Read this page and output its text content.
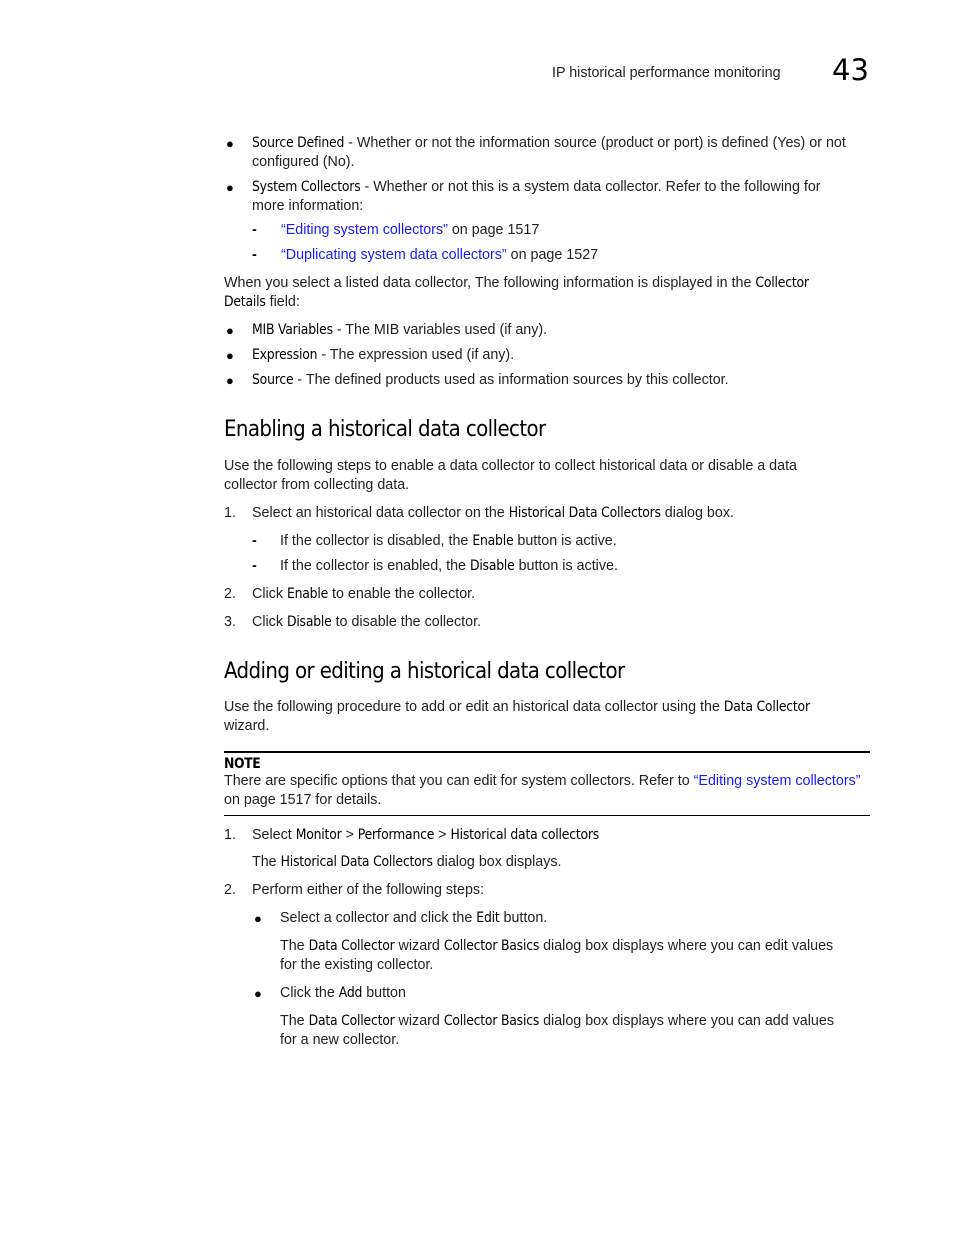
IP historical performance monitoring 43
● Source Defined - Whether or not the information source (product or port) is defined (Yes) or not
configured (No).
● System Collectors - Whether or not this is a system data collector. Refer to the following for
more information:
- “Editing system collectors” on page 1517
- “Duplicating system data collectors” on page 1527
When you select a listed data collector, The following information is displayed in the Collector
Details field:
● MIB Variables - The MIB variables used (if any).
● Expression - The expression used (if any).
● Source - The defined products used as information sources by this collector.
Enabling a historical data collector
Use the following steps to enable a data collector to collect historical data or disable a data
collector from collecting data.
1. Select an historical data collector on the Historical Data Collectors dialog box.
- If the collector is disabled, the Enable button is active.
- If the collector is enabled, the Disable button is active.
2. Click Enable to enable the collector.
3. Click Disable to disable the collector.
Adding or editing a historical data collector
Use the following procedure to add or edit an historical data collector using the Data Collector
wizard.
NOTE
There are specific options that you can edit for system collectors. Refer to “Editing system collectors”
on page 1517 for details.
1. Select Monitor > Performance > Historical data collectors
The Historical Data Collectors dialog box displays.
2. Perform either of the following steps:
● Select a collector and click the Edit button.
The Data Collector wizard Collector Basics dialog box displays where you can edit values
for the existing collector.
● Click the Add button
The Data Collector wizard Collector Basics dialog box displays where you can add values
for a new collector.
